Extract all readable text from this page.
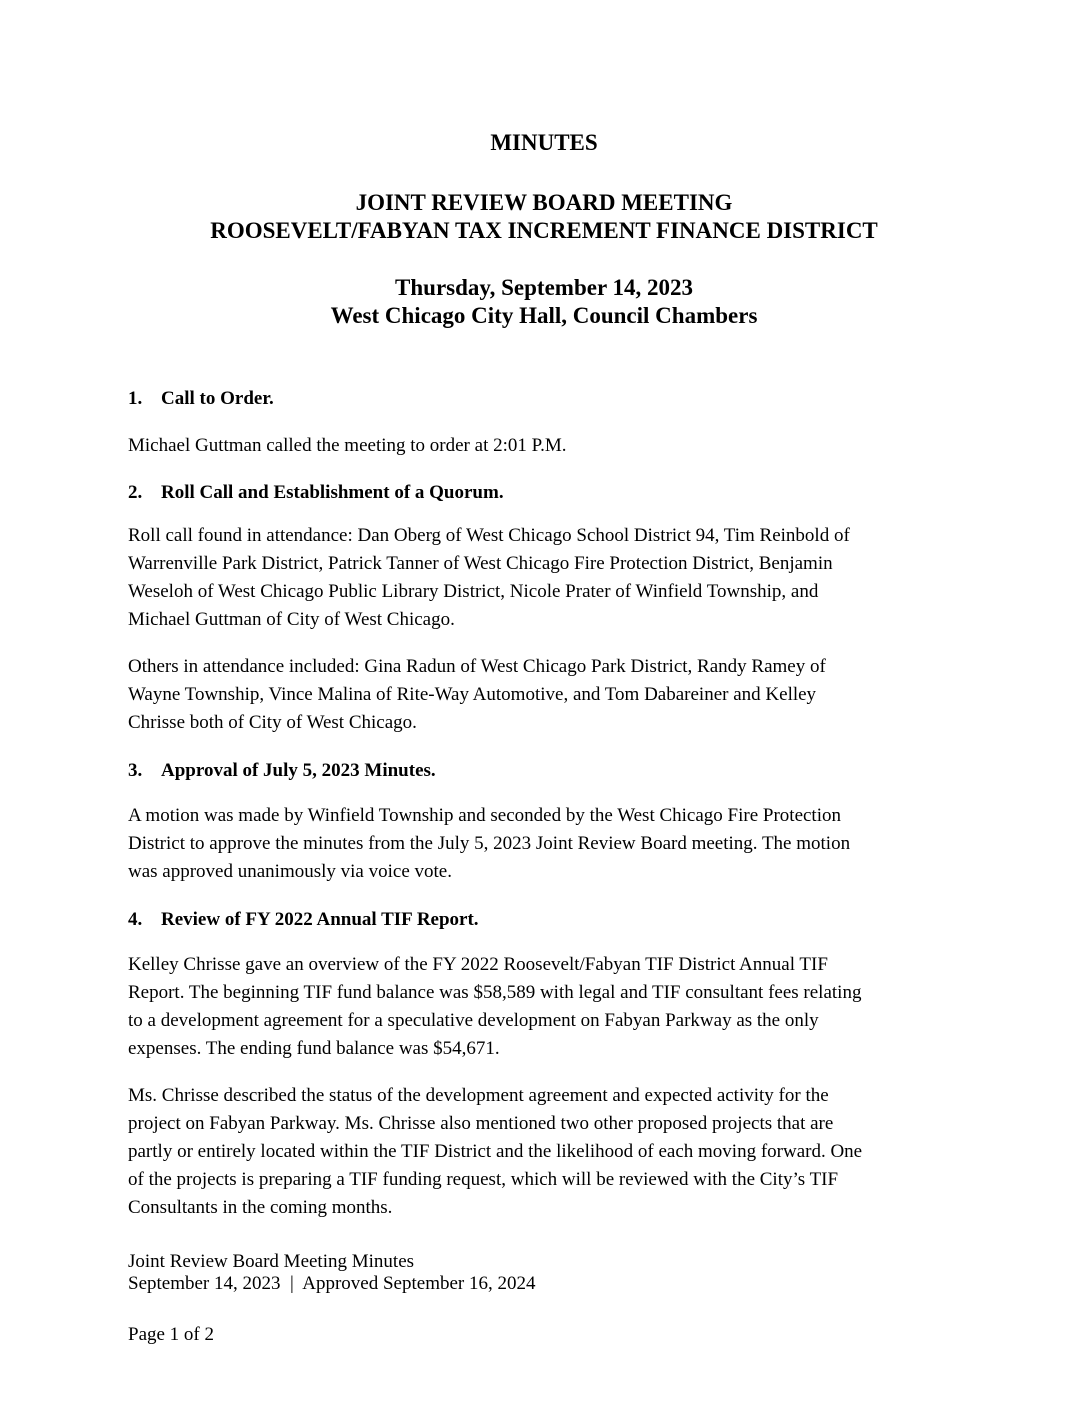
MINUTES
JOINT REVIEW BOARD MEETING
ROOSEVELT/FABYAN TAX INCREMENT FINANCE DISTRICT
Thursday, September 14, 2023
West Chicago City Hall, Council Chambers
1. Call to Order.

Michael Guttman called the meeting to order at 2:01 P.M.

2. Roll Call and Establishment of a Quorum.

Roll call found in attendance: Dan Oberg of West Chicago School District 94, Tim Reinbold of
Warrenville Park District, Patrick Tanner of West Chicago Fire Protection District, Benjamin
Weseloh of West Chicago Public Library District, Nicole Prater of Winfield Township, and
Michael Guttman of City of West Chicago.

Others in attendance included: Gina Radun of West Chicago Park District, Randy Ramey of
Wayne Township, Vince Malina of Rite-Way Automotive, and Tom Dabareiner and Kelley
Chrisse both of City of West Chicago.

3. Approval of July 5, 2023 Minutes.

A motion was made by Winfield Township and seconded by the West Chicago Fire Protection
District to approve the minutes from the July 5, 2023 Joint Review Board meeting. The motion
was approved unanimously via voice vote.

4. Review of FY 2022 Annual TIF Report.

Kelley Chrisse gave an overview of the FY 2022 Roosevelt/Fabyan TIF District Annual TIF
Report. The beginning TIF fund balance was $58,589 with legal and TIF consultant fees relating
to a development agreement for a speculative development on Fabyan Parkway as the only
expenses. The ending fund balance was $54,671.

Ms. Chrisse described the status of the development agreement and expected activity for the
project on Fabyan Parkway. Ms. Chrisse also mentioned two other proposed projects that are
partly or entirely located within the TIF District and the likelihood of each moving forward. One
of the projects is preparing a TIF funding request, which will be reviewed with the City’s TIF
Consultants in the coming months.

Joint Review Board Meeting Minutes

September 14, 2023  |  Approved September 16, 2024

Page 1 of 2
